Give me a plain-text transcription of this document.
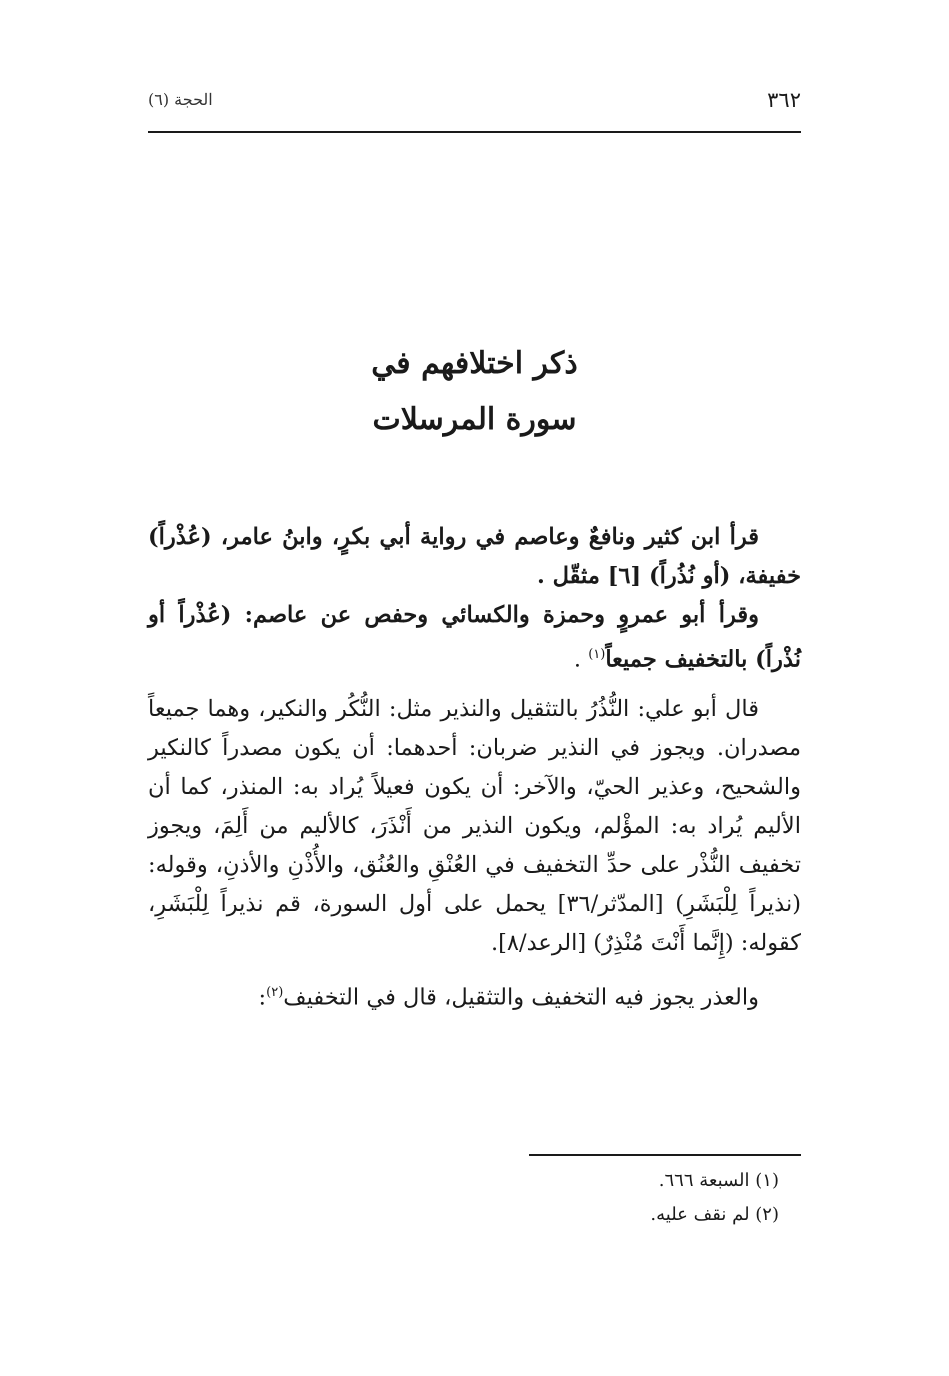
٣٦٢
الحجة (٦)
ذكر اختلافهم في
سورة المرسلات

قرأ ابن كثير ونافعٌ وعاصم في رواية أبي بكرٍ، وابنُ عامر، (عُذْراً) خفيفة، (أو نُذُراً) [٦] مثقّل .

وقرأ أبو عمروٍ وحمزة والكسائي وحفص عن عاصم: (عُذْراً أو نُذْراً) بالتخفيف جميعاً$^{(١)}$ .

قال أبو علي: النُّذُرُ بالتثقيل والنذير مثل: النُّكُر والنكير، وهما جميعاً مصدران. ويجوز في النذير ضربان: أحدهما: أن يكون مصدراً كالنكير والشحيح، وعذير الحيّ، والآخر: أن يكون فعيلاً يُراد به: المنذر، كما أن الأليم يُراد به: المؤْلم، ويكون النذير من أَنْذَرَ، كالأليم من أَلِمَ، ويجوز تخفيف النُّذْر على حدِّ التخفيف في العُنْقِ والعُنُق، والأُذْنِ والأذنِ، وقوله: (نذيراً لِلْبَشَرِ) [المدّثر/٣٦] يحمل على أول السورة، قم نذيراً لِلْبَشَرِ، كقوله: (إِنَّما أَنْتَ مُنْذِرٌ) [الرعد/٨].

والعذر يجوز فيه التخفيف والتثقيل، قال في التخفيف$^{(٢)}$:

(١) السبعة ٦٦٦.

(٢) لم نقف عليه.
